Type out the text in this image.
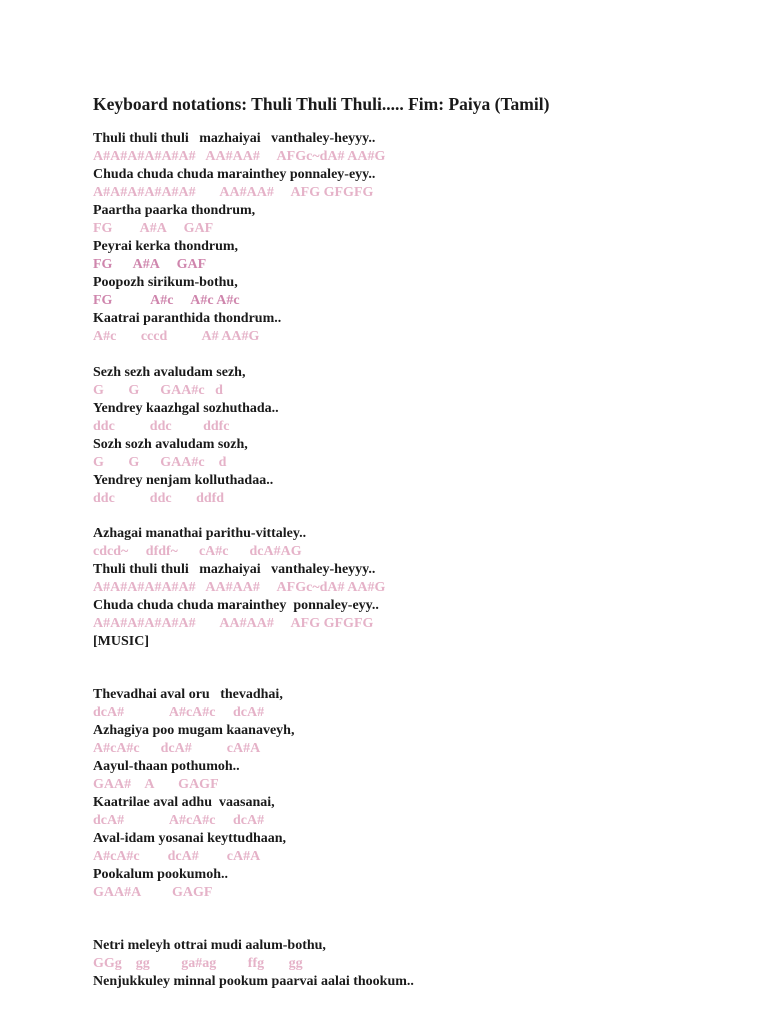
Keyboard notations: Thuli Thuli Thuli..... Fim: Paiya (Tamil)
Thuli thuli thuli   mazhaiyai   vanthaley-heyyy..
A#A#A#A#A#A#   AA#AA#     AFGc~dA# AA#G
Chuda chuda chuda marainthey ponnaley-eyy..
A#A#A#A#A#A#       AA#AA#     AFG GFGFG
Paartha paarka thondrum,
FG        A#A     GAF
Peyrai kerka thondrum,
FG      A#A     GAF
Poopozh sirikum-bothu,
FG           A#c     A#c A#c
Kaatrai paranthida thondrum..
A#c       cccd          A# AA#G
Sezh sezh avaludam sezh,
G       G      GAA#c   d
Yendrey kaazhgal sozhuthada..
ddc          ddc         ddfc
Sozh sozh avaludam sozh,
G       G      GAA#c    d
Yendrey nenjam kolluthadaa..
ddc          ddc       ddfd
Azhagai manathai parithu-vittaley..
cdcd~     dfdf~      cA#c      dcA#AG
Thuli thuli thuli   mazhaiyai   vanthaley-heyyy..
A#A#A#A#A#A#   AA#AA#     AFGc~dA# AA#G
Chuda chuda chuda marainthey  ponnaley-eyy..
A#A#A#A#A#A#       AA#AA#     AFG GFGFG
[MUSIC]
Thevadhai aval oru   thevadhai,
dcA#             A#cA#c     dcA#
Azhagiya poo mugam kaanaveyh,
A#cA#c      dcA#          cA#A
Aayul-thaan pothumoh..
GAA#    A       GAGF
Kaatrilae aval adhu  vaasanai,
dcA#             A#cA#c     dcA#
Aval-idam yosanai keyttudhaan,
A#cA#c        dcA#        cA#A
Pookalum pookumoh..
GAA#A         GAGF
Netri meleyh ottrai mudi aalum-bothu,
GGg    gg         ga#ag         ffg       gg
Nenjukkuley minnal pookum paarvai aalai thookum..
